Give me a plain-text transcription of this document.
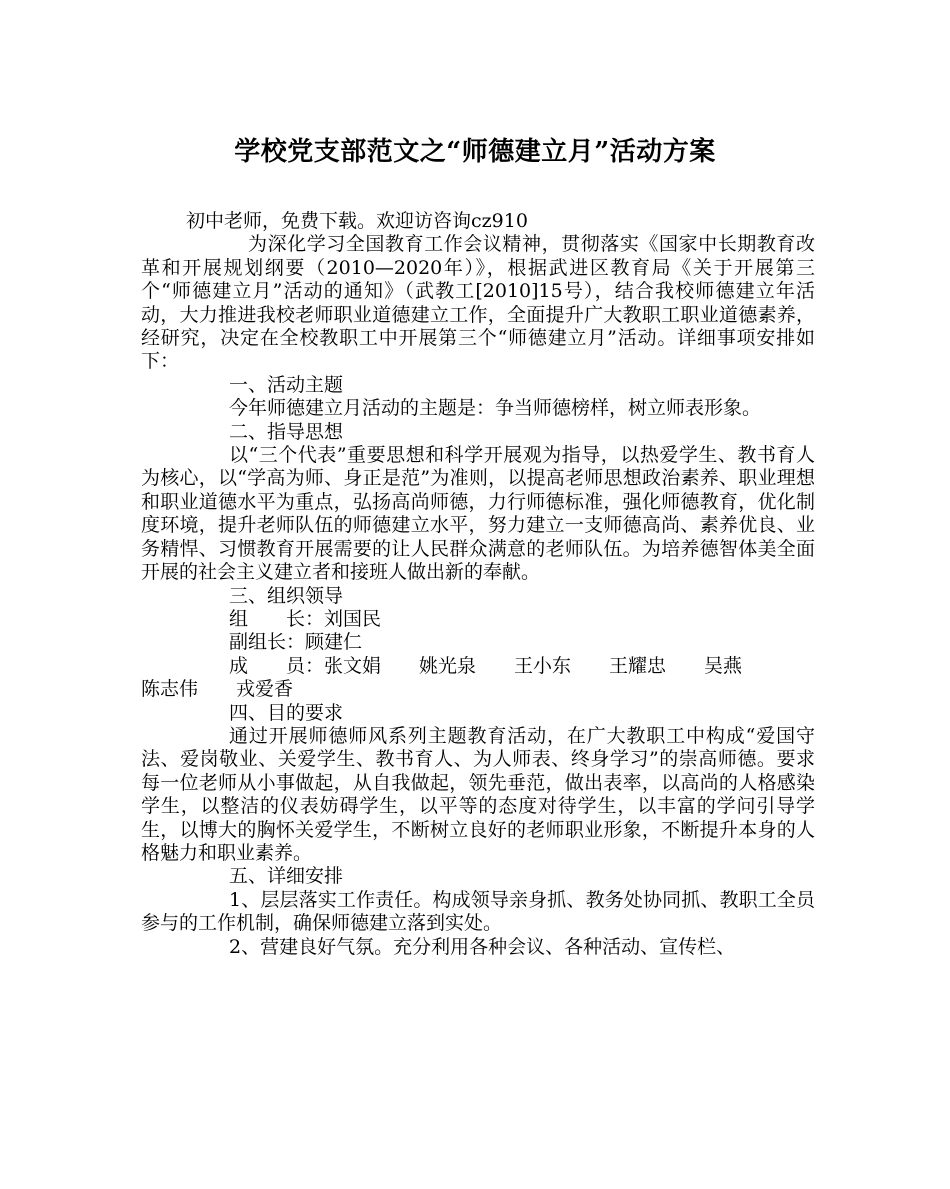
学校党支部范文之“师德建立月”活动方案

初中老师，免费下载。欢迎访咨询cz910

为深化学习全国教育工作会议精神，贯彻落实《国家中长期教育改革和开展规划纲要（2010—2020年）》，根据武进区教育局《关于开展第三个“师德建立月”活动的通知》（武教工[2010]15号），结合我校师德建立年活动，大力推进我校老师职业道德建立工作，全面提升广大教职工职业道德素养，经研究，决定在全校教职工中开展第三个“师德建立月”活动。详细事项安排如下：

一、活动主题

今年师德建立月活动的主题是：争当师德榜样，树立师表形象。

二、指导思想

以“三个代表”重要思想和科学开展观为指导，以热爱学生、教书育人为核心，以“学高为师、身正是范”为准则，以提高老师思想政治素养、职业理想和职业道德水平为重点，弘扬高尚师德，力行师德标准，强化师德教育，优化制度环境，提升老师队伍的师德建立水平，努力建立一支师德高尚、素养优良、业务精悍、习惯教育开展需要的让人民群众满意的老师队伍。为培养德智体美全面开展的社会主义建立者和接班人做出新的奉献。

三、组织领导

组　　长：刘国民

副组长：顾建仁

成　　员：张文娟　　姚光泉　　王小东　　王耀忠　　吴燕

陈志伟　　戎爱香

四、目的要求

通过开展师德师风系列主题教育活动，在广大教职工中构成“爱国守法、爱岗敬业、关爱学生、教书育人、为人师表、终身学习”的崇高师德。要求每一位老师从小事做起，从自我做起，领先垂范，做出表率，以高尚的人格感染学生，以整洁的仪表妨碍学生，以平等的态度对待学生，以丰富的学问引导学生，以博大的胸怀关爱学生，不断树立良好的老师职业形象，不断提升本身的人格魅力和职业素养。

五、详细安排

1、层层落实工作责任。构成领导亲身抓、教务处协同抓、教职工全员参与的工作机制，确保师德建立落到实处。

2、营建良好气氛。充分利用各种会议、各种活动、宣传栏、
